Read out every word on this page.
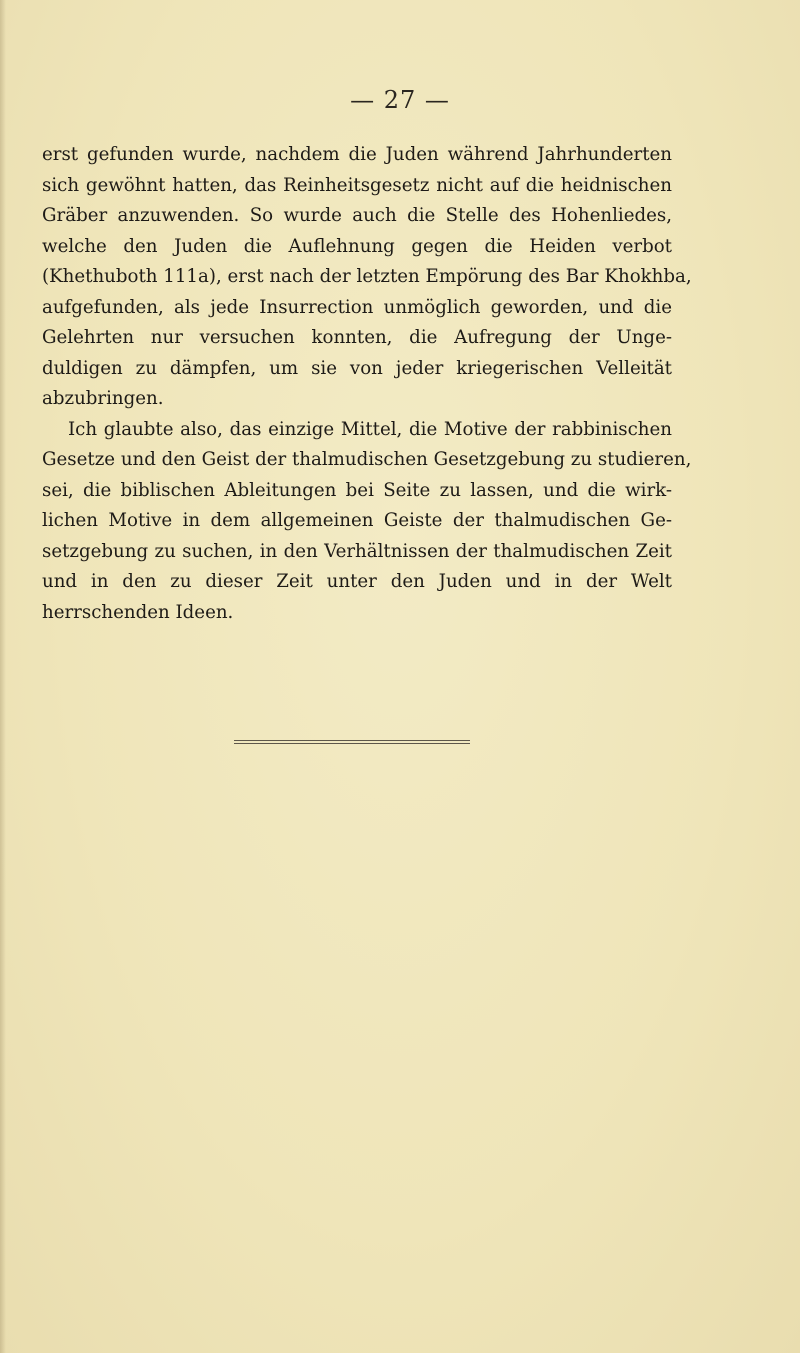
— 27 —
erst gefunden wurde, nachdem die Juden während Jahrhunderten
sich gewöhnt hatten, das Reinheitsgesetz nicht auf die heidnischen
Gräber anzuwenden. So wurde auch die Stelle des Hohenliedes,
welche den Juden die Auflehnung gegen die Heiden verbot
(Khethuboth 111a), erst nach der letzten Empörung des Bar Khokhba,
aufgefunden, als jede Insurrection unmöglich geworden, und die
Gelehrten nur versuchen konnten, die Aufregung der Unge-
duldigen zu dämpfen, um sie von jeder kriegerischen Velleität
abzubringen.
Ich glaubte also, das einzige Mittel, die Motive der rabbinischen
Gesetze und den Geist der thalmudischen Gesetzgebung zu studieren,
sei, die biblischen Ableitungen bei Seite zu lassen, und die wirk-
lichen Motive in dem allgemeinen Geiste der thalmudischen Ge-
setzgebung zu suchen, in den Verhältnissen der thalmudischen Zeit
und in den zu dieser Zeit unter den Juden und in der Welt
herrschenden Ideen.
